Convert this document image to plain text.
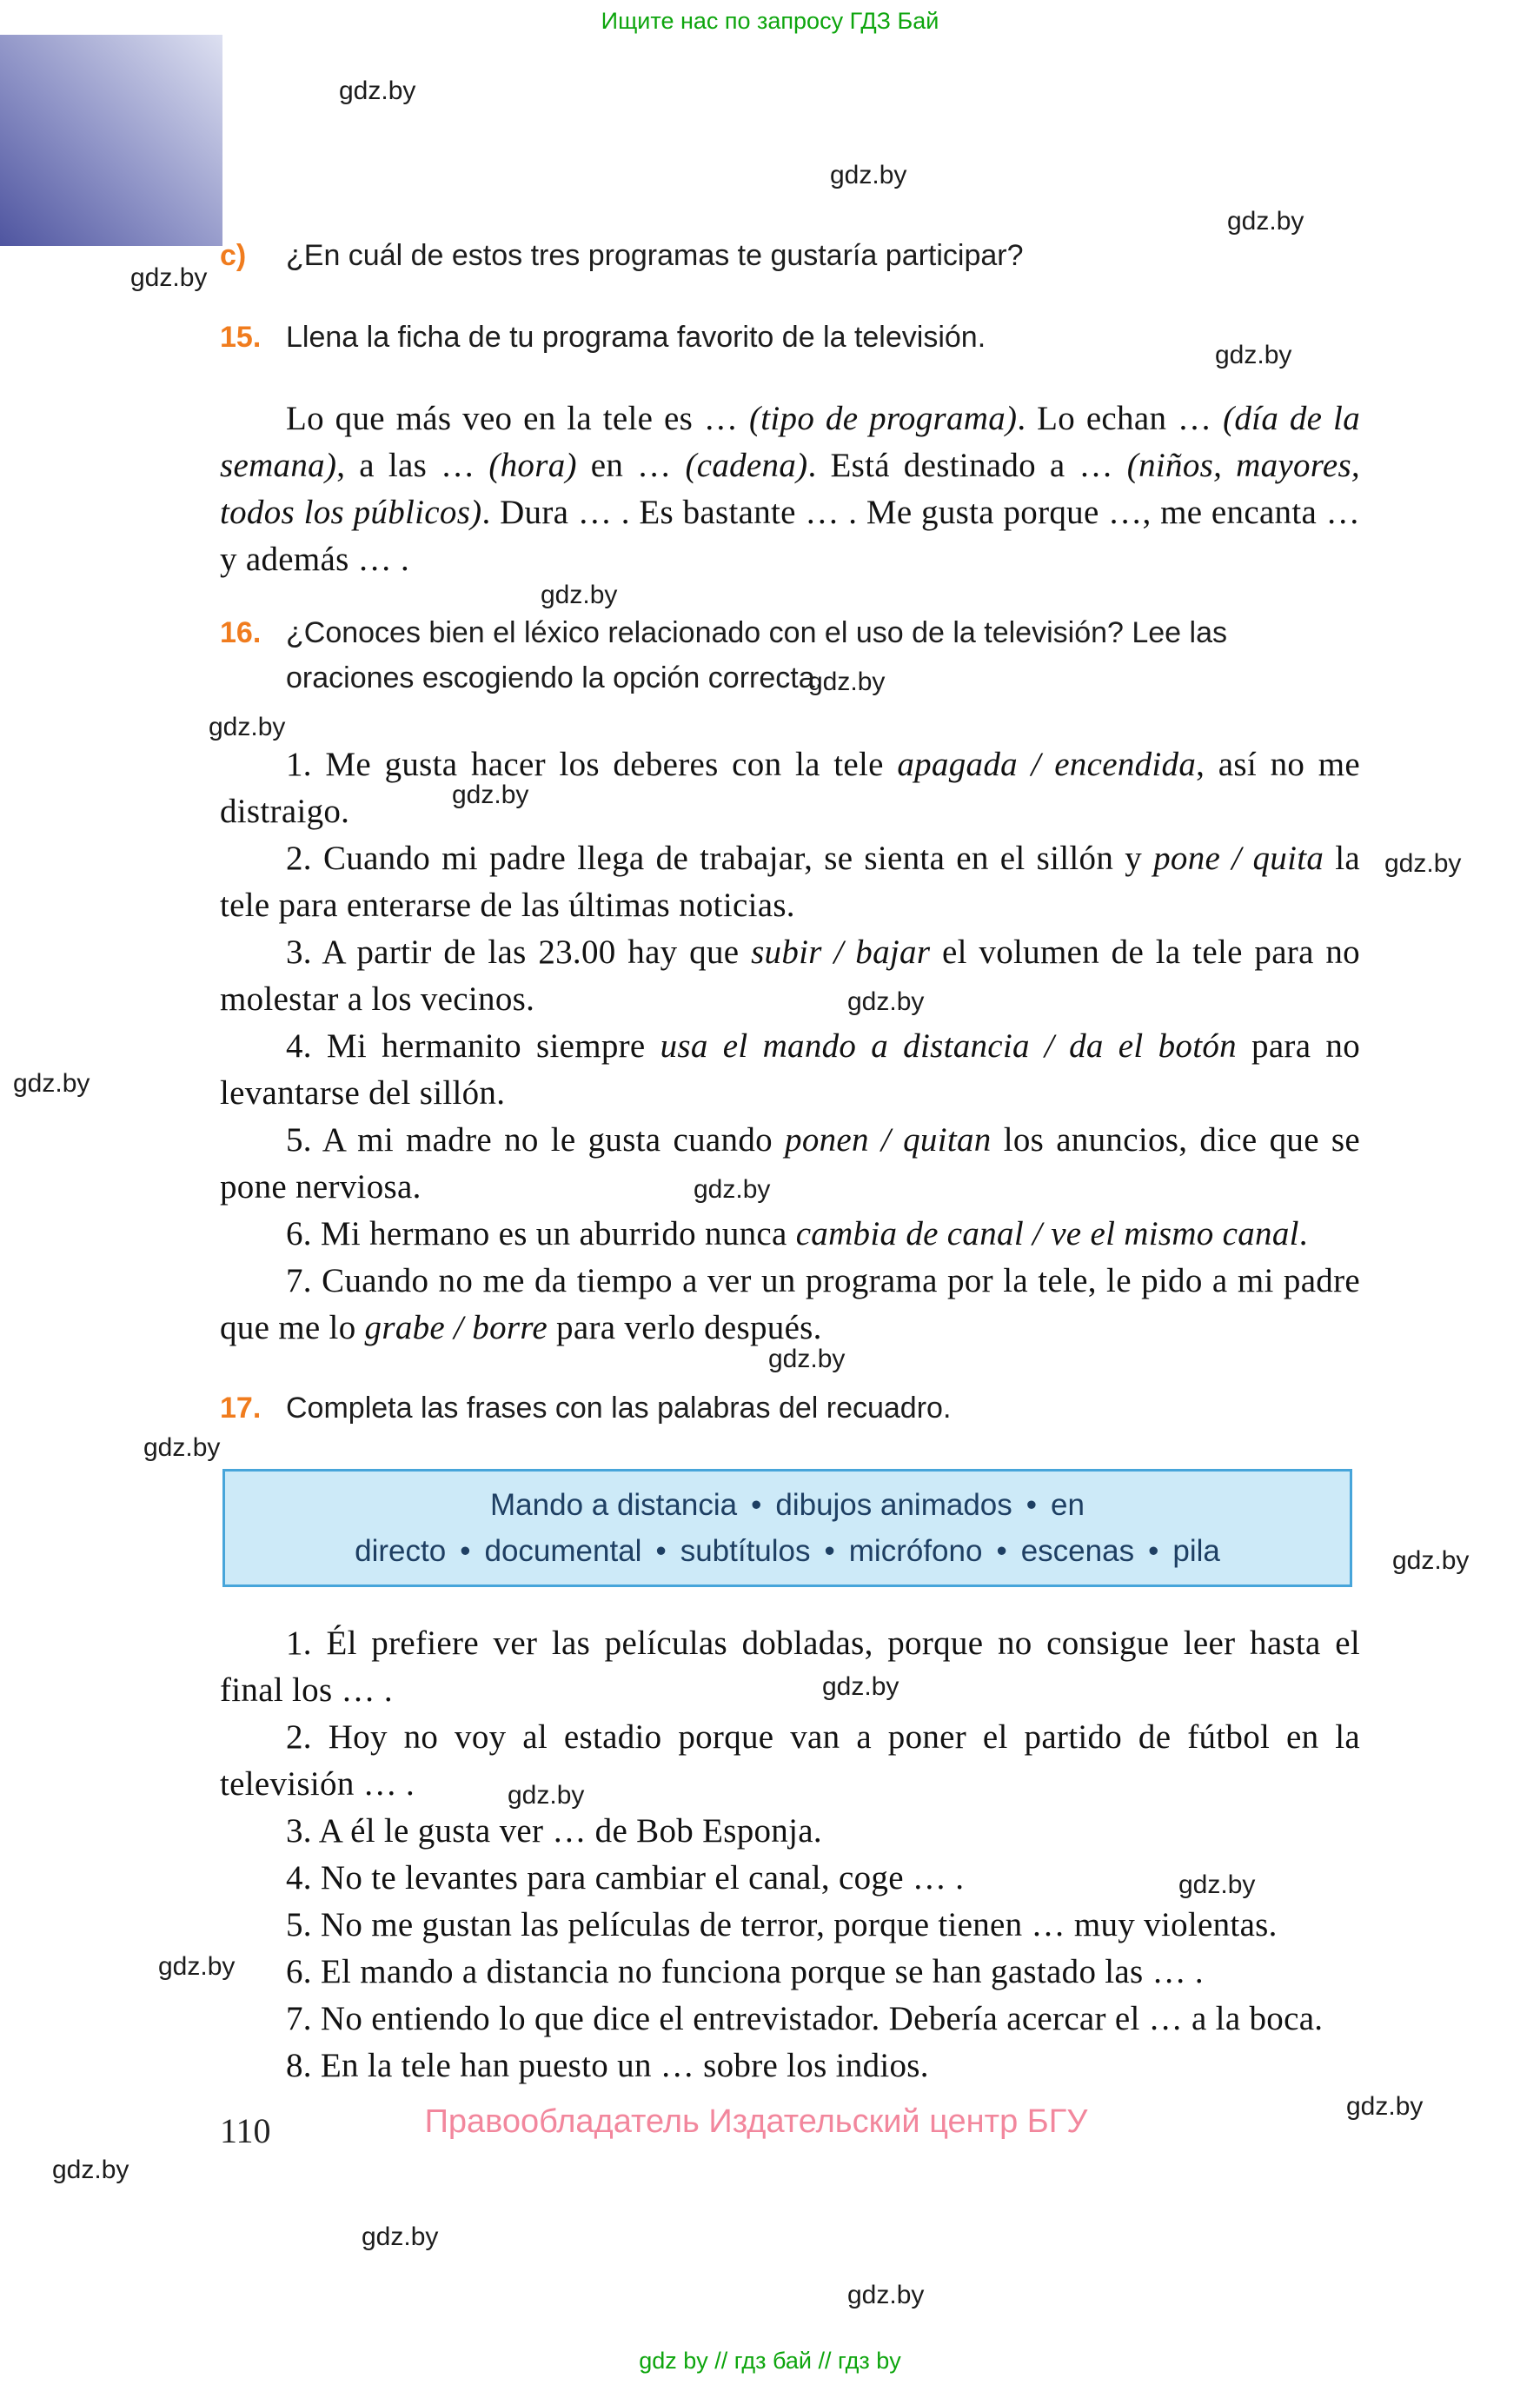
Ищите нас по запросу ГДЗ Бай
gdz.by
gdz.by
gdz.by
gdz.by
gdz.by
gdz.by
gdz.by
gdz.by
gdz.by
gdz.by
gdz.by
gdz.by
gdz.by
gdz.by
gdz.by
gdz.by
gdz.by
gdz.by
gdz.by
gdz.by
gdz.by
gdz.by
gdz.by
gdz.by
c) ¿En cuál de estos tres programas te gustaría participar?
15. Llena la ficha de tu programa favorito de la televisión.

Lo que más veo en la tele es … (tipo de programa). Lo echan … (día de la semana), a las … (hora) en … (cadena). Está destinado a … (niños, mayores, todos los públicos). Dura … . Es bastante … . Me gusta porque …, me encanta … y además … .

16. ¿Conoces bien el léxico relacionado con el uso de la televisión? Lee las oraciones escogiendo la opción correcta.

1. Me gusta hacer los deberes con la tele apagada / encendida, así no me distraigo.

2. Cuando mi padre llega de trabajar, se sienta en el sillón y pone / quita la tele para enterarse de las últimas noticias.

3. A partir de las 23.00 hay que subir / bajar el volumen de la tele para no molestar a los vecinos.

4. Mi hermanito siempre usa el mando a distancia / da el botón para no levantarse del sillón.

5. A mi madre no le gusta cuando ponen / quitan los anuncios, dice que se pone nerviosa.

6. Mi hermano es un aburrido nunca cambia de canal / ve el mismo canal.

7. Cuando no me da tiempo a ver un programa por la tele, le pido a mi padre que me lo grabe / borre para verlo después.

17. Completa las frases con las palabras del recuadro.
Mando a distancia • dibujos animados • en directo • documental • subtítulos • micrófono • escenas • pila

1. Él prefiere ver las películas dobladas, porque no consigue leer hasta el final los … .

2. Hoy no voy al estadio porque van a poner el partido de fútbol en la televisión … .

3. A él le gusta ver … de Bob Esponja.

4. No te levantes para cambiar el canal, coge … .

5. No me gustan las películas de terror, porque tienen … muy violentas.

6. El mando a distancia no funciona porque se han gastado las … .

7. No entiendo lo que dice el entrevistador. Debería acercar el … a la boca.

8. En la tele han puesto un … sobre los indios.

110	Правообладатель Издательский центр БГУ
gdz by // гдз бай // гдз by
